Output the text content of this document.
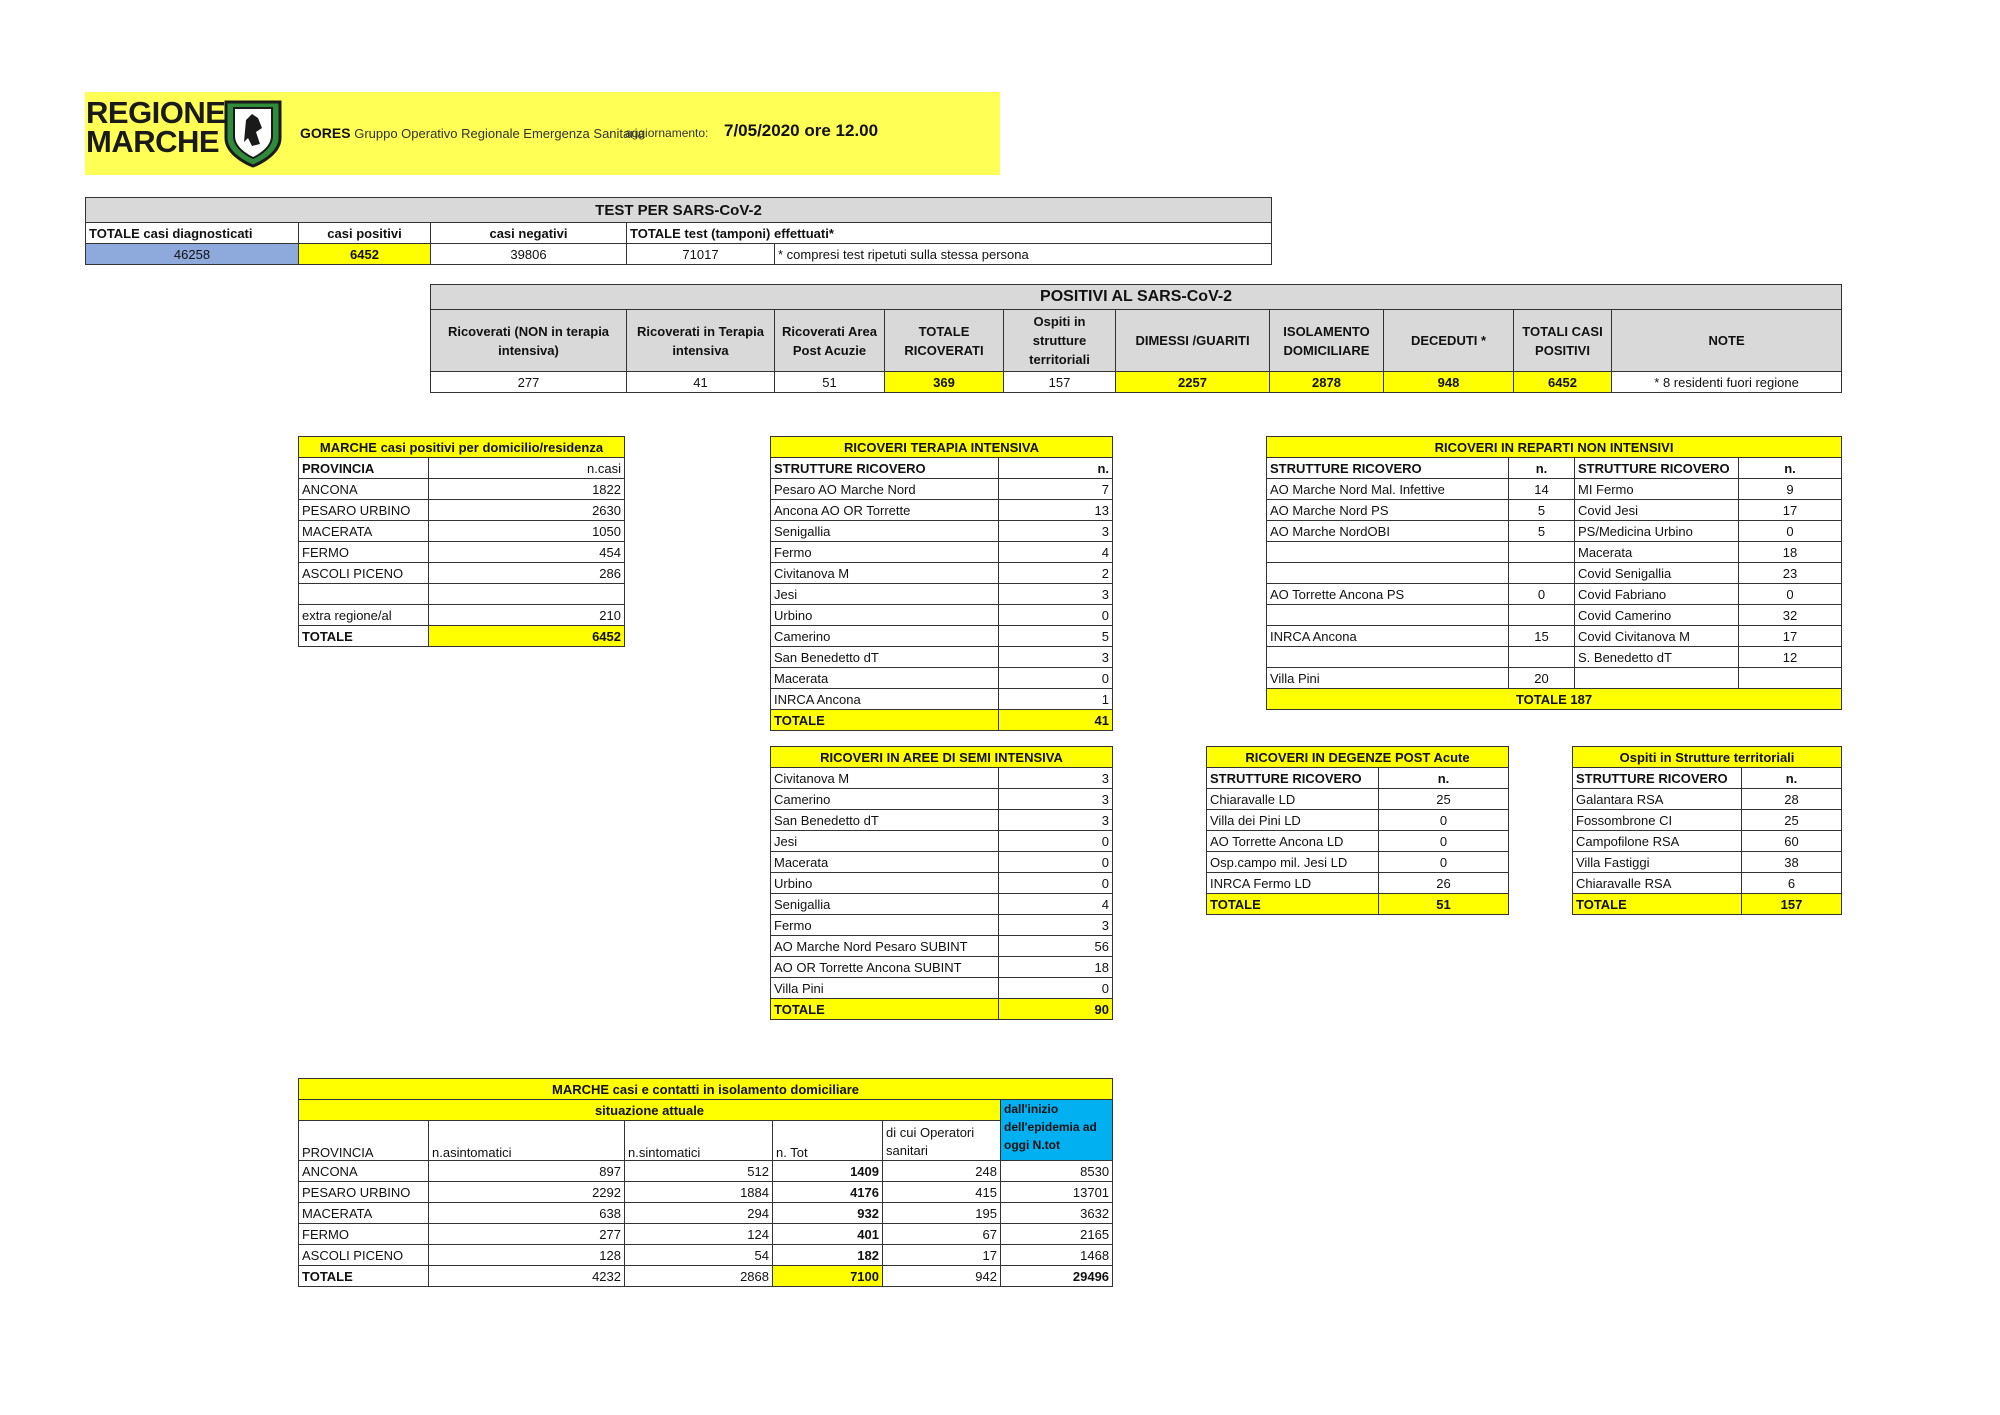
REGIONE
MARCHE	GORES Gruppo Operativo Regionale Emergenza Sanitaria
aggiornamento: 7/05/2020 ore 12.00
TEST PER SARS-CoV-2				
TOTALE casi diagnosticati	casi positivi	casi negativi	TOTALE test (tamponi) effettuati*	
46258	6452	39806	71017	* compresi test ripetuti sulla stessa persona
POSITIVI AL SARS-CoV-2									
Ricoverati (NON in terapia intensiva)	Ricoverati in Terapia intensiva	Ricoverati Area Post Acuzie	TOTALE RICOVERATI	Ospiti in strutture territoriali	DIMESSI /GUARITI	ISOLAMENTO DOMICILIARE	DECEDUTI *	TOTALI CASI POSITIVI	NOTE
277	41	51	369	157	2257	2878	948	6452	* 8 residenti fuori regione
MARCHE casi positivi per domicilio/residenza	
PROVINCIA	n.casi
ANCONA	1822
PESARO URBINO	2630
MACERATA	1050
FERMO	454
ASCOLI PICENO	286

extra regione/al	210
TOTALE	6452
RICOVERI TERAPIA INTENSIVA	
STRUTTURE RICOVERO	n.
Pesaro AO Marche Nord	7
Ancona AO OR Torrette	13
Senigallia	3
Fermo	4
Civitanova M	2
Jesi	3
Urbino	0
Camerino	5
San Benedetto dT	3
Macerata	0
INRCA Ancona	1
TOTALE	41
RICOVERI IN REPARTI NON INTENSIVI			
STRUTTURE RICOVERO	n.	STRUTTURE RICOVERO	n.
AO Marche Nord Mal. Infettive	14	MI Fermo	9
AO Marche Nord PS	5	Covid Jesi	17
AO Marche NordOBI	5	PS/Medicina Urbino	0
		Macerata	18
		Covid Senigallia	23
AO Torrette Ancona PS	0	Covid Fabriano	0
		Covid Camerino	32
INRCA Ancona	15	Covid Civitanova M	17
		S. Benedetto dT	12
Villa Pini	20		
TOTALE 187			
RICOVERI IN AREE DI SEMI INTENSIVA	
Civitanova M	3
Camerino	3
San Benedetto dT	3
Jesi	0
Macerata	0
Urbino	0
Senigallia	4
Fermo	3
AO Marche Nord Pesaro SUBINT	56
AO OR Torrette Ancona SUBINT	18
Villa Pini	0
TOTALE	90
RICOVERI IN DEGENZE POST Acute	
STRUTTURE RICOVERO	n.
Chiaravalle LD	25
Villa dei Pini LD	0
AO Torrette Ancona LD	0
Osp.campo mil. Jesi LD	0
INRCA Fermo LD	26
TOTALE	51
Ospiti in Strutture territoriali	
STRUTTURE RICOVERO	n.
Galantara RSA	28
Fossombrone CI	25
Campofilone RSA	60
Villa Fastiggi	38
Chiaravalle RSA	6
TOTALE	157
MARCHE casi e contatti in isolamento domiciliare					
situazione attuale					dall'inizio dell'epidemia ad oggi N.tot
PROVINCIA	n.asintomatici	n.sintomatici	n. Tot	di cui Operatori sanitari	
ANCONA	897	512	1409	248	8530
PESARO URBINO	2292	1884	4176	415	13701
MACERATA	638	294	932	195	3632
FERMO	277	124	401	67	2165
ASCOLI PICENO	128	54	182	17	1468
TOTALE	4232	2868	7100	942	29496
